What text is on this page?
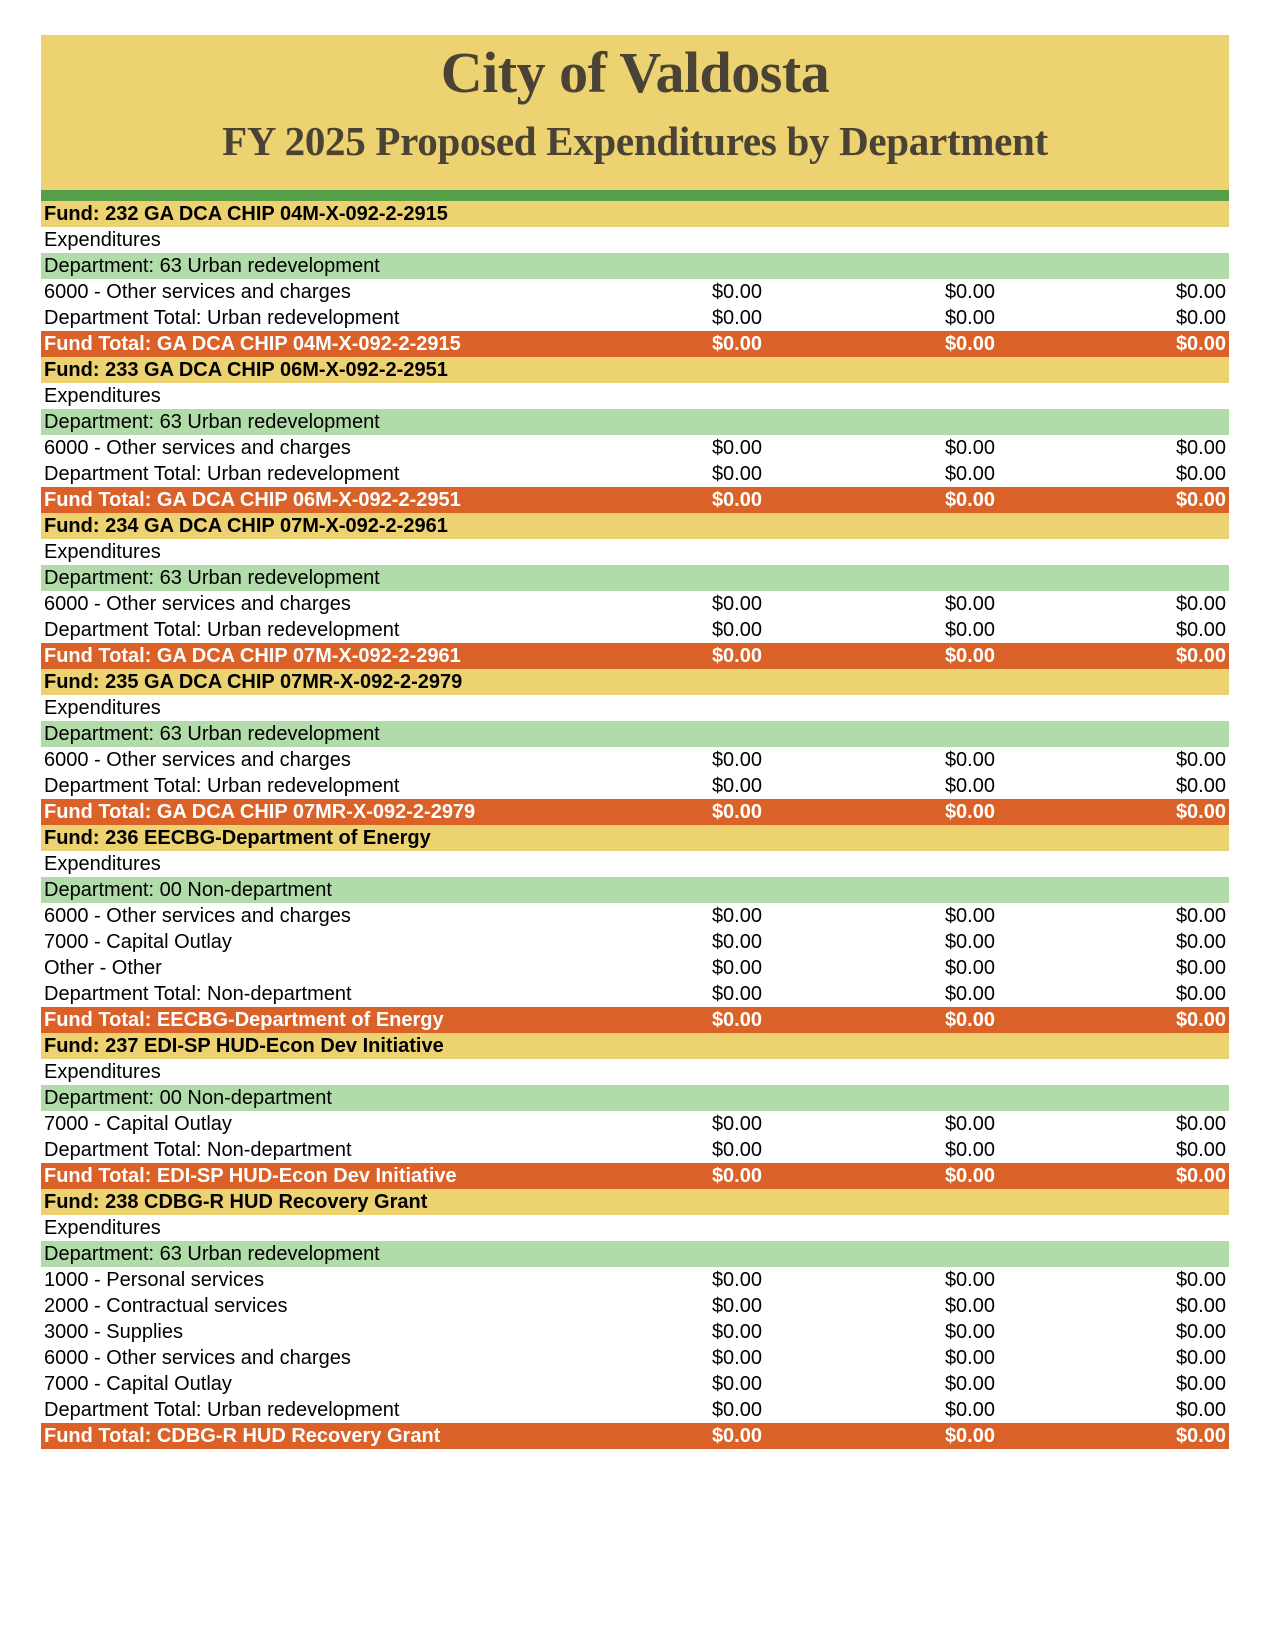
City of Valdosta
FY 2025 Proposed Expenditures by Department
Fund: 232 GA DCA CHIP 04M-X-092-2-2915
Expenditures
Department: 63 Urban redevelopment
6000 - Other services and charges	$0.00	$0.00	$0.00
Department Total: Urban redevelopment	$0.00	$0.00	$0.00
Fund Total: GA DCA CHIP 04M-X-092-2-2915	$0.00	$0.00	$0.00
Fund: 233 GA DCA CHIP 06M-X-092-2-2951
Expenditures
Department: 63 Urban redevelopment
6000 - Other services and charges	$0.00	$0.00	$0.00
Department Total: Urban redevelopment	$0.00	$0.00	$0.00
Fund Total: GA DCA CHIP 06M-X-092-2-2951	$0.00	$0.00	$0.00
Fund: 234 GA DCA CHIP 07M-X-092-2-2961
Expenditures
Department: 63 Urban redevelopment
6000 - Other services and charges	$0.00	$0.00	$0.00
Department Total: Urban redevelopment	$0.00	$0.00	$0.00
Fund Total: GA DCA CHIP 07M-X-092-2-2961	$0.00	$0.00	$0.00
Fund: 235 GA DCA CHIP 07MR-X-092-2-2979
Expenditures
Department: 63 Urban redevelopment
6000 - Other services and charges	$0.00	$0.00	$0.00
Department Total: Urban redevelopment	$0.00	$0.00	$0.00
Fund Total: GA DCA CHIP 07MR-X-092-2-2979	$0.00	$0.00	$0.00
Fund: 236 EECBG-Department of Energy
Expenditures
Department: 00 Non-department
6000 - Other services and charges	$0.00	$0.00	$0.00
7000 - Capital Outlay	$0.00	$0.00	$0.00
Other - Other	$0.00	$0.00	$0.00
Department Total: Non-department	$0.00	$0.00	$0.00
Fund Total: EECBG-Department of Energy	$0.00	$0.00	$0.00
Fund: 237 EDI-SP HUD-Econ Dev Initiative
Expenditures
Department: 00 Non-department
7000 - Capital Outlay	$0.00	$0.00	$0.00
Department Total: Non-department	$0.00	$0.00	$0.00
Fund Total: EDI-SP HUD-Econ Dev Initiative	$0.00	$0.00	$0.00
Fund: 238 CDBG-R HUD Recovery Grant
Expenditures
Department: 63 Urban redevelopment
1000 - Personal services	$0.00	$0.00	$0.00
2000 - Contractual services	$0.00	$0.00	$0.00
3000 - Supplies	$0.00	$0.00	$0.00
6000 - Other services and charges	$0.00	$0.00	$0.00
7000 - Capital Outlay	$0.00	$0.00	$0.00
Department Total: Urban redevelopment	$0.00	$0.00	$0.00
Fund Total: CDBG-R HUD Recovery Grant	$0.00	$0.00	$0.00
